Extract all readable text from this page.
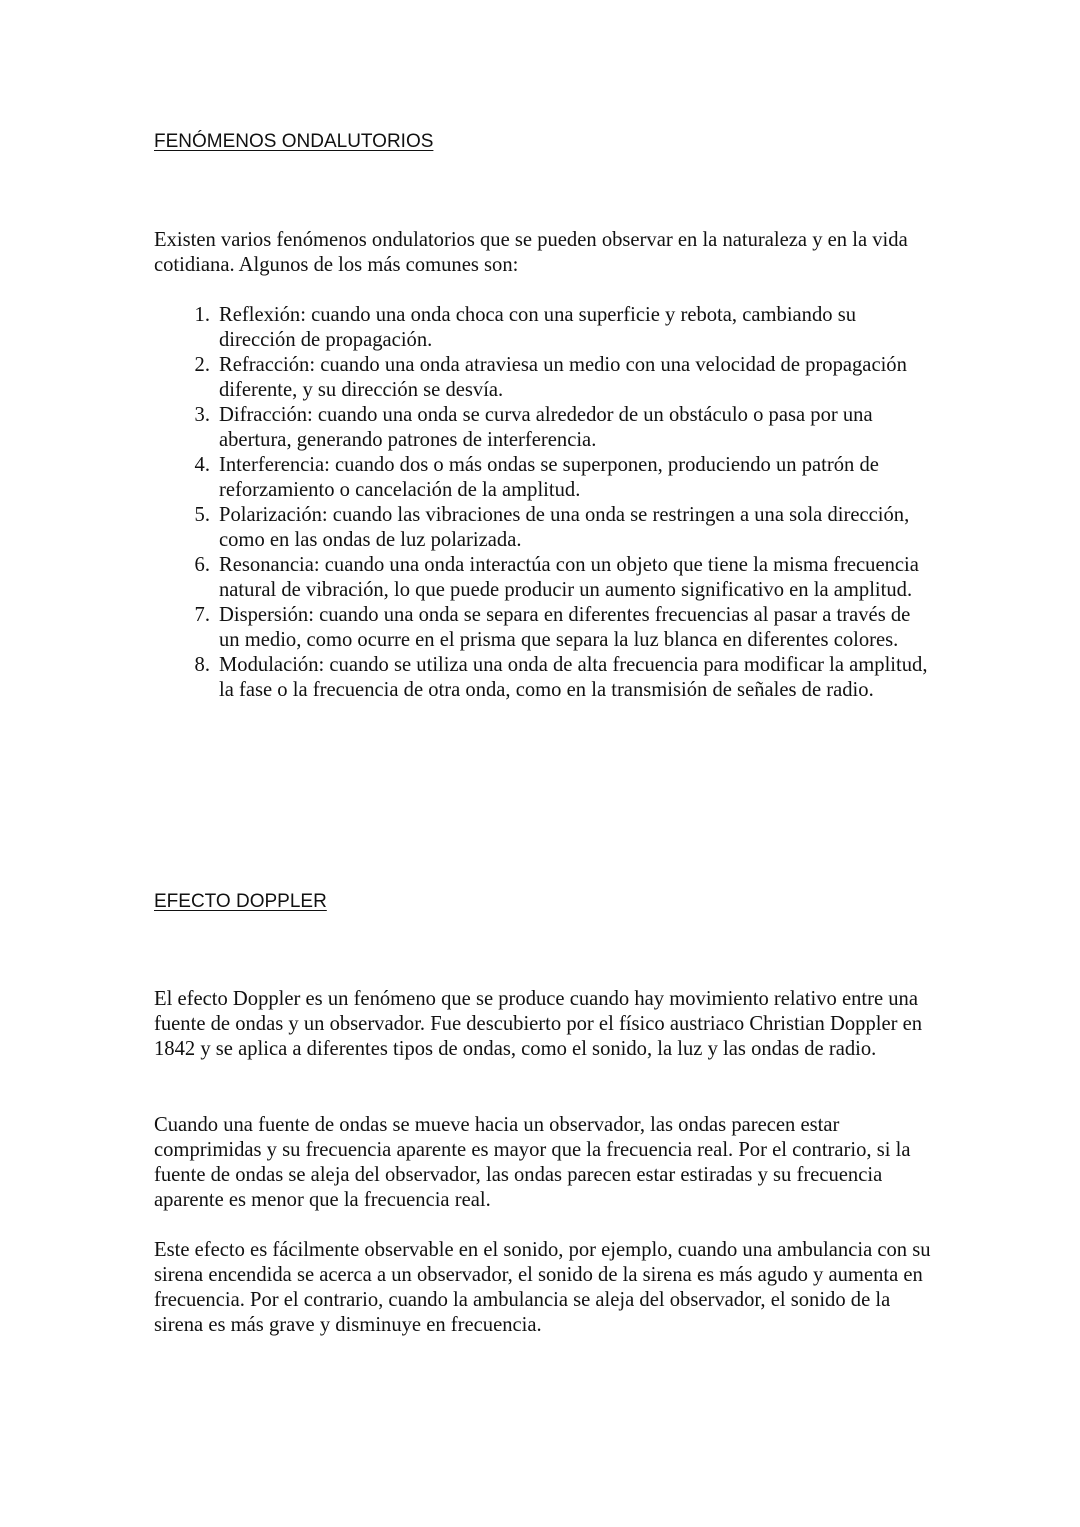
FENÓMENOS ONDALUTORIOS

Existen varios fenómenos ondulatorios que se pueden observar en la naturaleza y en la vida cotidiana. Algunos de los más comunes son:

1. Reflexión: cuando una onda choca con una superficie y rebota, cambiando su dirección de propagación.
2. Refracción: cuando una onda atraviesa un medio con una velocidad de propagación diferente, y su dirección se desvía.
3. Difracción: cuando una onda se curva alrededor de un obstáculo o pasa por una abertura, generando patrones de interferencia.
4. Interferencia: cuando dos o más ondas se superponen, produciendo un patrón de reforzamiento o cancelación de la amplitud.
5. Polarización: cuando las vibraciones de una onda se restringen a una sola dirección, como en las ondas de luz polarizada.
6. Resonancia: cuando una onda interactúa con un objeto que tiene la misma frecuencia natural de vibración, lo que puede producir un aumento significativo en la amplitud.
7. Dispersión: cuando una onda se separa en diferentes frecuencias al pasar a través de un medio, como ocurre en el prisma que separa la luz blanca en diferentes colores.
8. Modulación: cuando se utiliza una onda de alta frecuencia para modificar la amplitud, la fase o la frecuencia de otra onda, como en la transmisión de señales de radio.
EFECTO DOPPLER

El efecto Doppler es un fenómeno que se produce cuando hay movimiento relativo entre una fuente de ondas y un observador. Fue descubierto por el físico austriaco Christian Doppler en 1842 y se aplica a diferentes tipos de ondas, como el sonido, la luz y las ondas de radio.

Cuando una fuente de ondas se mueve hacia un observador, las ondas parecen estar comprimidas y su frecuencia aparente es mayor que la frecuencia real. Por el contrario, si la fuente de ondas se aleja del observador, las ondas parecen estar estiradas y su frecuencia aparente es menor que la frecuencia real.

Este efecto es fácilmente observable en el sonido, por ejemplo, cuando una ambulancia con su sirena encendida se acerca a un observador, el sonido de la sirena es más agudo y aumenta en frecuencia. Por el contrario, cuando la ambulancia se aleja del observador, el sonido de la sirena es más grave y disminuye en frecuencia.
